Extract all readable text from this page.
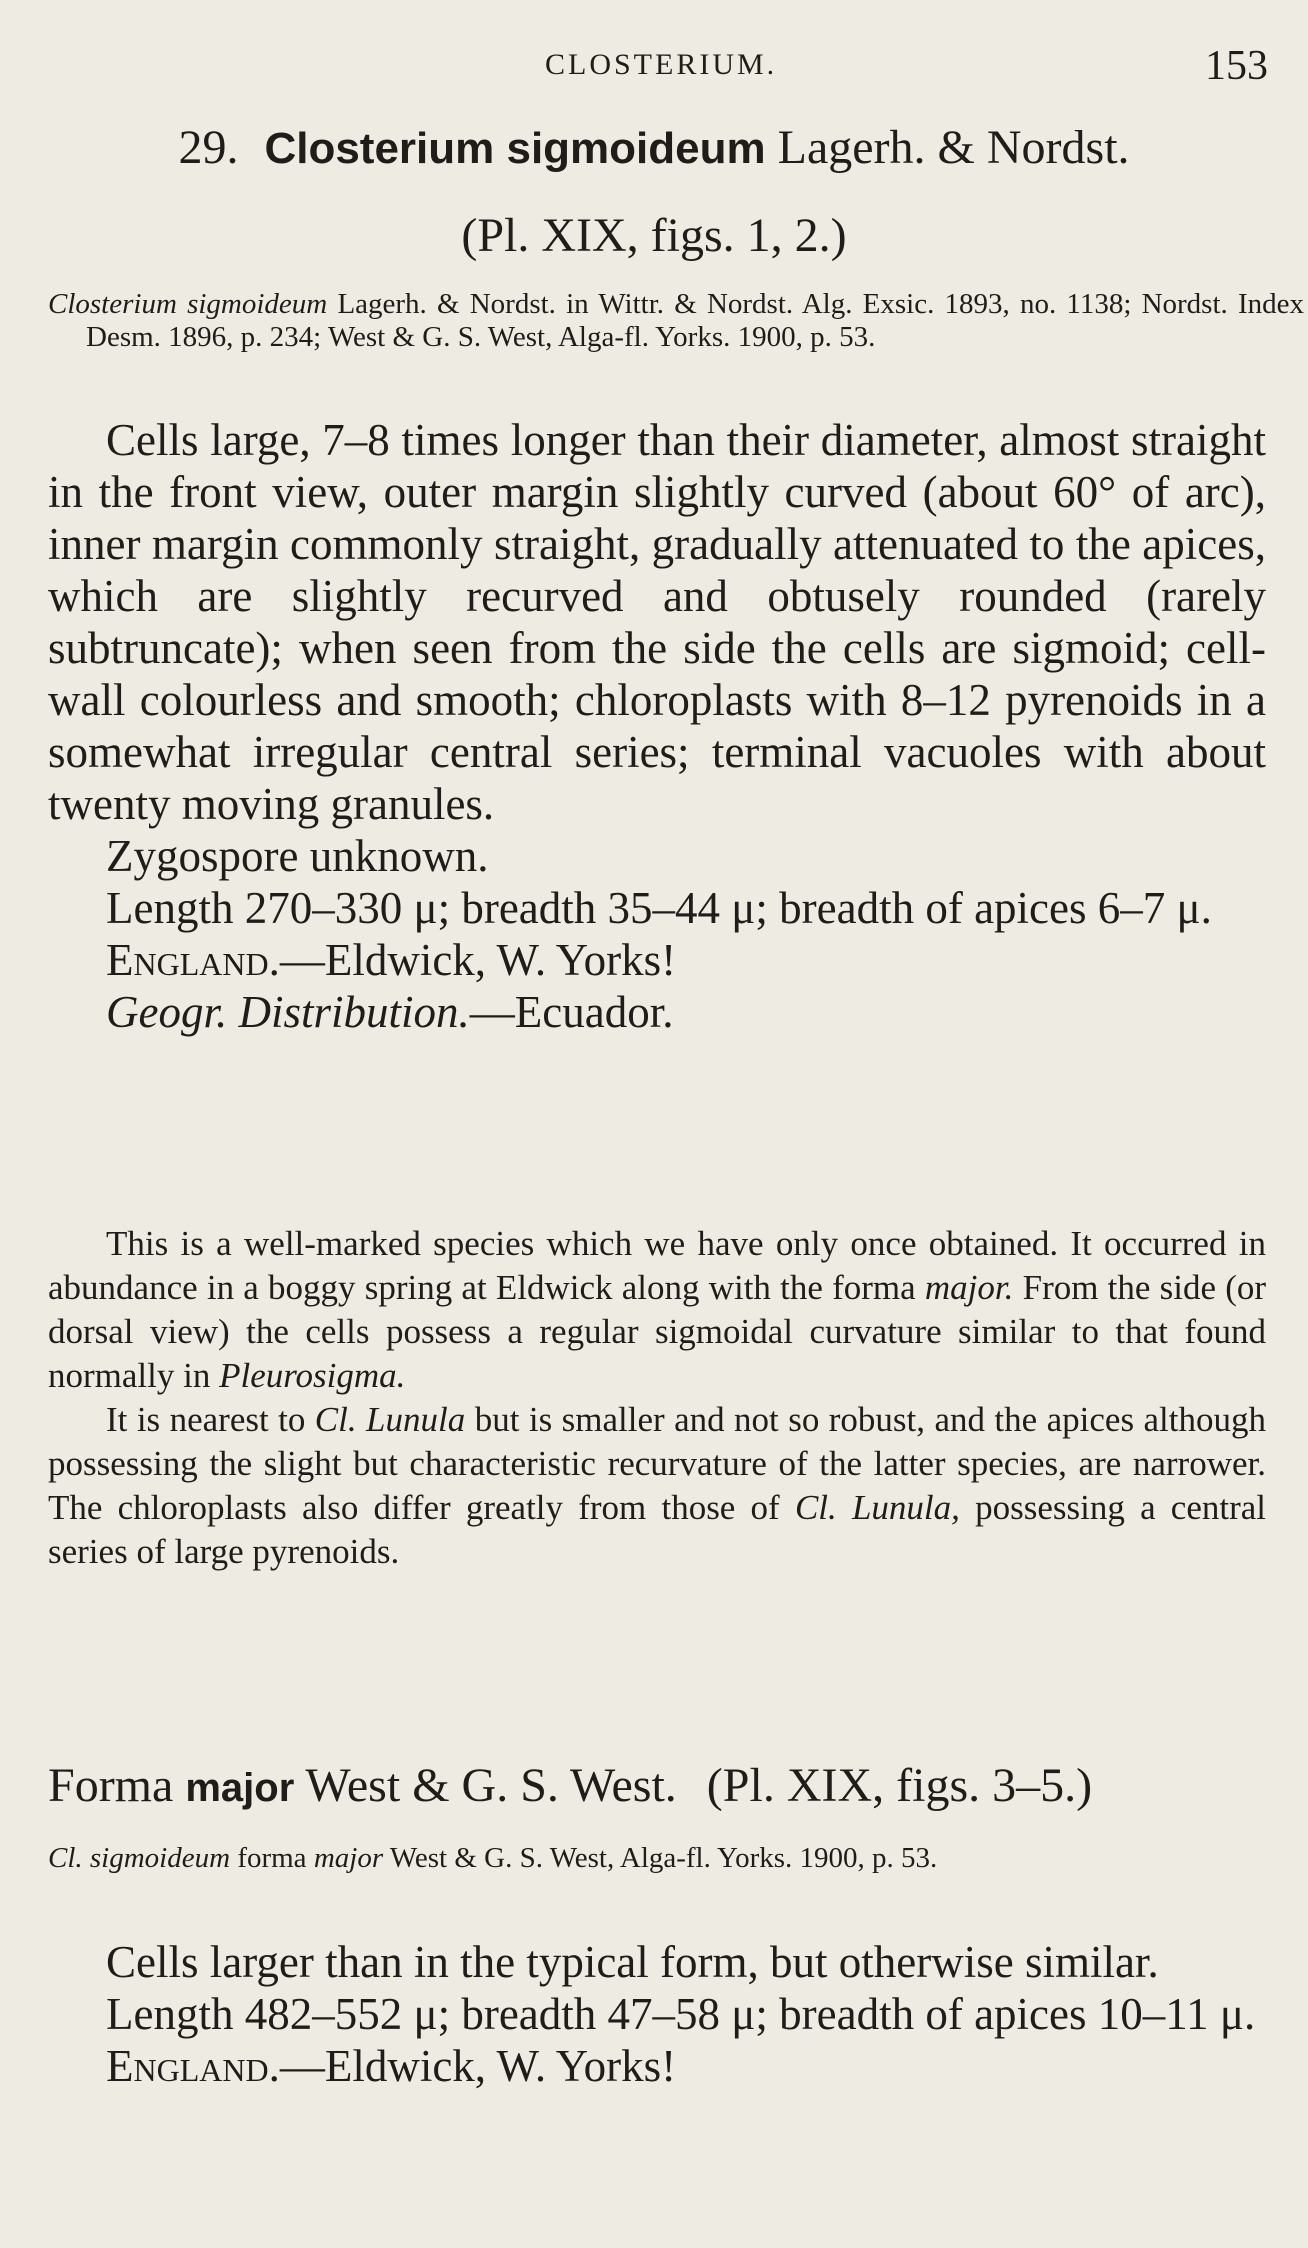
CLOSTERIUM.	153
29. Closterium sigmoideum Lagerh. & Nordst.
(Pl. XIX, figs. 1, 2.)
Closterium sigmoideum Lagerh. & Nordst. in Wittr. & Nordst. Alg. Exsic. 1893, no. 1138; Nordst. Index Desm. 1896, p. 234; West & G. S. West, Alga-fl. Yorks. 1900, p. 53.

Cells large, 7–8 times longer than their diameter, almost straight in the front view, outer margin slightly curved (about 60° of arc), inner margin commonly straight, gradually attenuated to the apices, which are slightly recurved and obtusely rounded (rarely subtruncate); when seen from the side the cells are sigmoid; cell-wall colourless and smooth; chloroplasts with 8–12 pyrenoids in a somewhat irregular central series; terminal vacuoles with about twenty moving granules.

Zygospore unknown.

Length 270–330 μ; breadth 35–44 μ; breadth of apices 6–7 μ.

England.—Eldwick, W. Yorks!

Geogr. Distribution.—Ecuador.

This is a well-marked species which we have only once obtained. It occurred in abundance in a boggy spring at Eldwick along with the forma major. From the side (or dorsal view) the cells possess a regular sigmoidal curvature similar to that found normally in Pleurosigma.

It is nearest to Cl. Lunula but is smaller and not so robust, and the apices although possessing the slight but characteristic recurvature of the latter species, are narrower. The chloroplasts also differ greatly from those of Cl. Lunula, possessing a central series of large pyrenoids.

Forma major West & G. S. West. (Pl. XIX, figs. 3–5.)
Cl. sigmoideum forma major West & G. S. West, Alga-fl. Yorks. 1900, p. 53.

Cells larger than in the typical form, but otherwise similar.

Length 482–552 μ; breadth 47–58 μ; breadth of apices 10–11 μ.

England.—Eldwick, W. Yorks!
